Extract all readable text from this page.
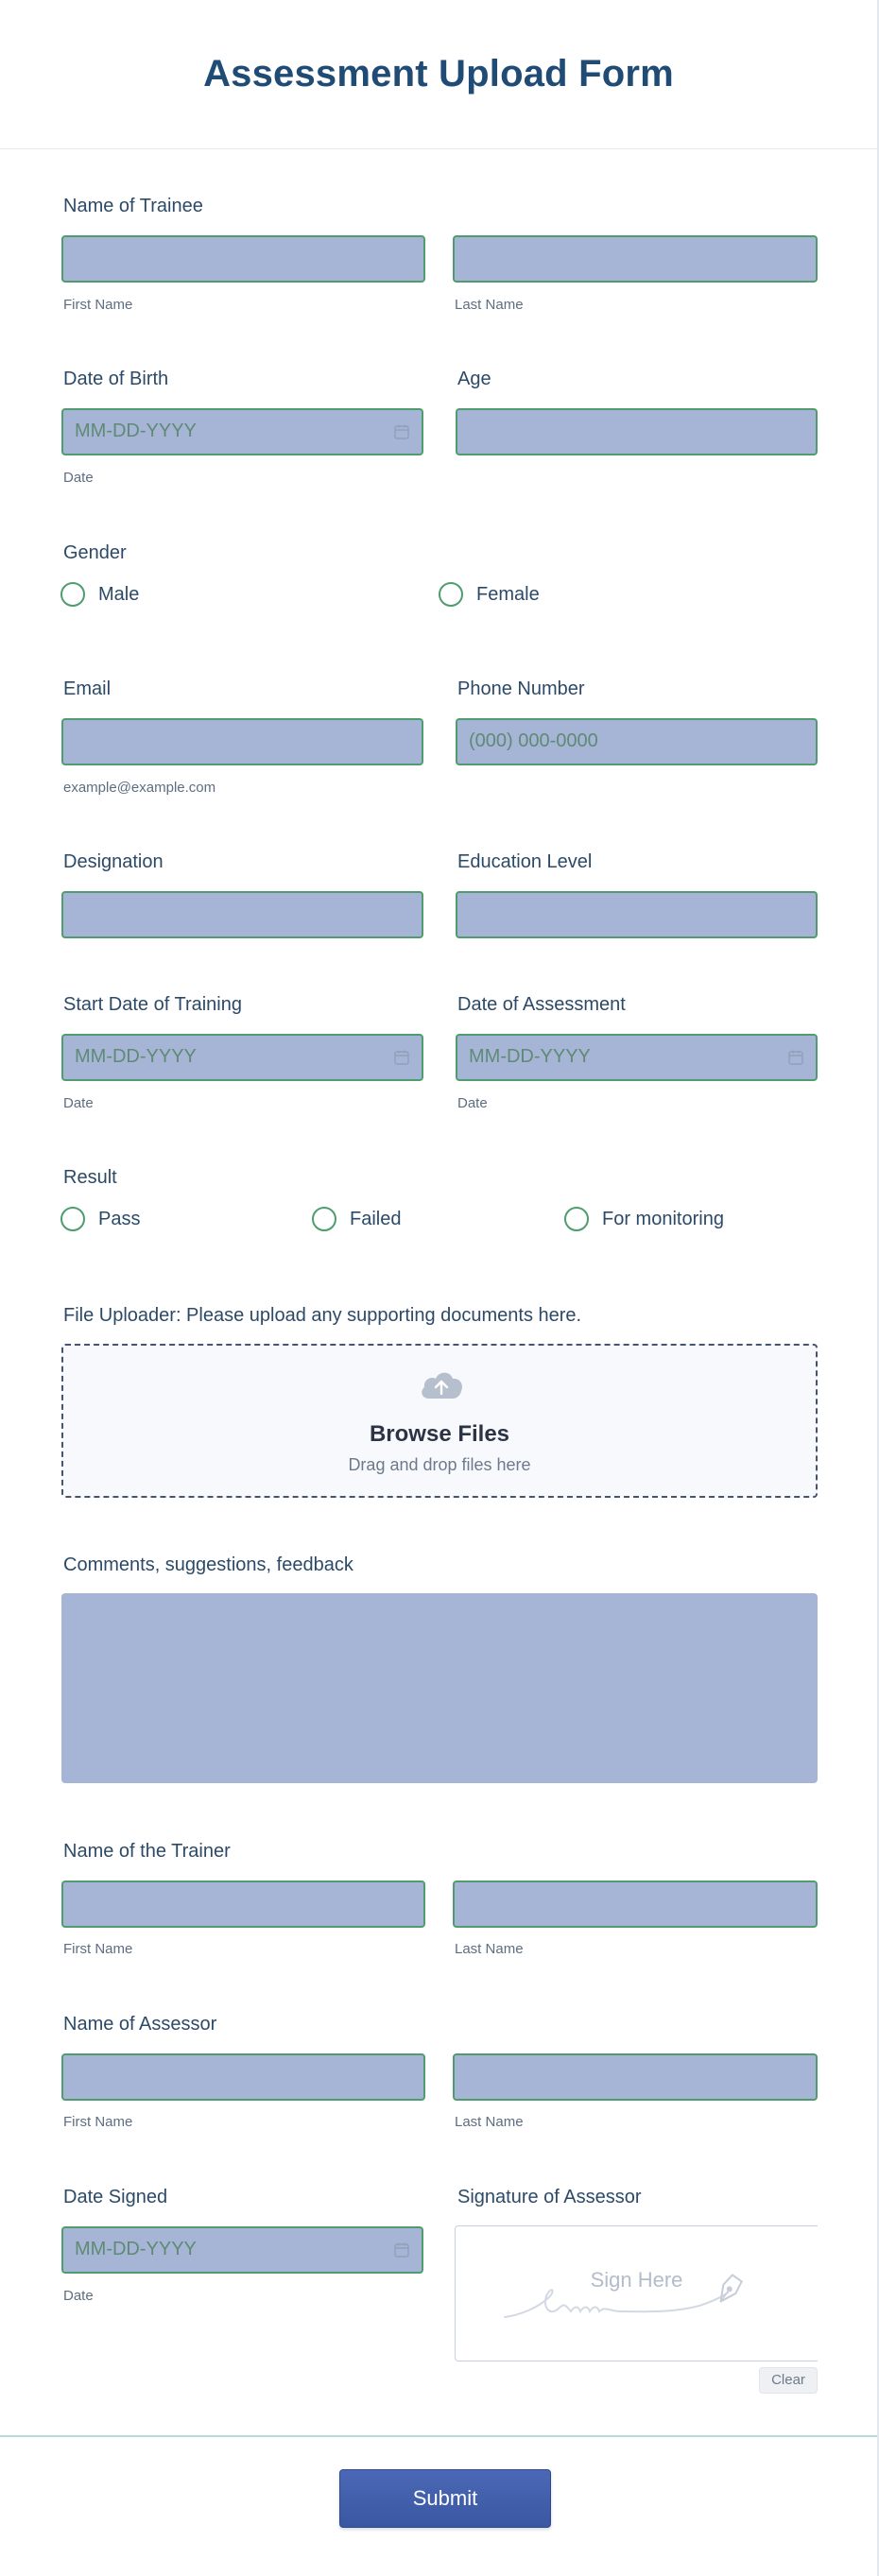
Assessment Upload Form
Name of Trainee
First Name	Last Name
Date of Birth
MM-DD-YYYY
Date
Age
Gender
Male	Female
Email
example@example.com
Phone Number
(000) 000-0000
Designation	Education Level
Start Date of Training
MM-DD-YYYY
Date
Date of Assessment
MM-DD-YYYY
Date
Result
Pass	Failed	For monitoring
File Uploader: Please upload any supporting documents here.
Browse Files
Drag and drop files here
Comments, suggestions, feedback
Name of the Trainer
First Name	Last Name
Name of Assessor
First Name	Last Name
Date Signed
MM-DD-YYYY
Date
Signature of Assessor
Sign Here
Clear
Submit
